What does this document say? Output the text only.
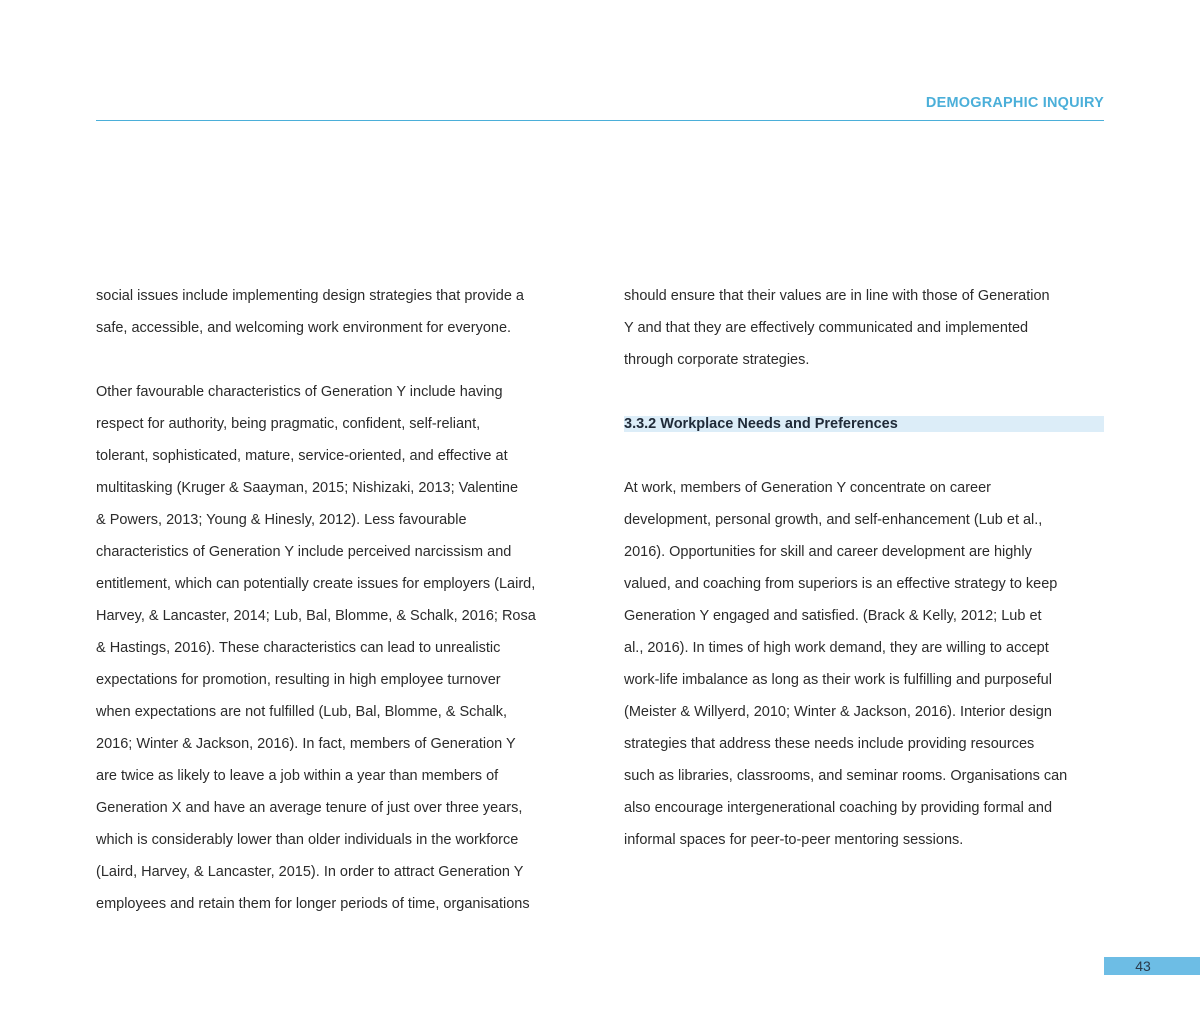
DEMOGRAPHIC INQUIRY

social issues include implementing design strategies that provide a
safe, accessible, and welcoming work environment for everyone.

Other favourable characteristics of Generation Y include having
respect for authority, being pragmatic, confident, self-reliant,
tolerant, sophisticated, mature, service-oriented, and effective at
multitasking (Kruger & Saayman, 2015; Nishizaki, 2013; Valentine
& Powers, 2013; Young & Hinesly, 2012). Less favourable
characteristics of Generation Y include perceived narcissism and
entitlement, which can potentially create issues for employers (Laird,
Harvey, & Lancaster, 2014; Lub, Bal, Blomme, & Schalk, 2016; Rosa
& Hastings, 2016). These characteristics can lead to unrealistic
expectations for promotion, resulting in high employee turnover
when expectations are not fulfilled (Lub, Bal, Blomme, & Schalk,
2016; Winter & Jackson, 2016). In fact, members of Generation Y
are twice as likely to leave a job within a year than members of
Generation X and have an average tenure of just over three years,
which is considerably lower than older individuals in the workforce
(Laird, Harvey, & Lancaster, 2015). In order to attract Generation Y
employees and retain them for longer periods of time, organisations

should ensure that their values are in line with those of Generation
Y and that they are effectively communicated and implemented
through corporate strategies.

3.3.2 Workplace Needs and Preferences

At work, members of Generation Y concentrate on career
development, personal growth, and self-enhancement (Lub et al.,
2016). Opportunities for skill and career development are highly
valued, and coaching from superiors is an effective strategy to keep
Generation Y engaged and satisfied. (Brack & Kelly, 2012; Lub et
al., 2016). In times of high work demand, they are willing to accept
work-life imbalance as long as their work is fulfilling and purposeful
(Meister & Willyerd, 2010; Winter & Jackson, 2016). Interior design
strategies that address these needs include providing resources
such as libraries, classrooms, and seminar rooms. Organisations can
also encourage intergenerational coaching by providing formal and
informal spaces for peer-to-peer mentoring sessions.

43
